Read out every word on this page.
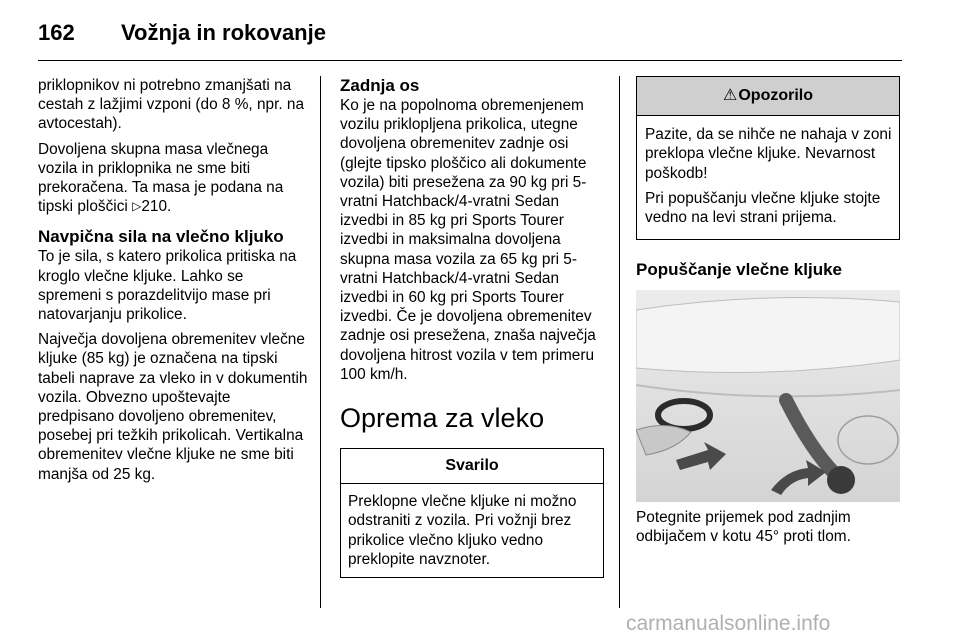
162 Vožnja in rokovanje

priklopnikov ni potrebno zmanjšati na cestah z lažjimi vzponi (do 8 %, npr. na avtocestah).

Dovoljena skupna masa vlečnega vozila in priklopnika ne sme biti prekoračena. Ta masa je podana na tipski ploščici ▷210.

Navpična sila na vlečno kljuko

To je sila, s katero prikolica pritiska na kroglo vlečne kljuke. Lahko se spremeni s porazdelitvijo mase pri natovarjanju prikolice.

Največja dovoljena obremenitev vlečne kljuke (85 kg) je označena na tipski tabeli naprave za vleko in v dokumentih vozila. Obvezno upoštevajte predpisano dovoljeno obremenitev, posebej pri težkih prikolicah. Vertikalna obremenitev vlečne kljuke ne sme biti manjša od 25 kg.

Zadnja os

Ko je na popolnoma obremenjenem vozilu priklopljena prikolica, utegne dovoljena obremenitev zadnje osi (glejte tipsko ploščico ali dokumente vozila) biti presežena za 90 kg pri 5-vratni Hatchback/4-vratni Sedan izvedbi in 85 kg pri Sports Tourer izvedbi in maksimalna dovoljena skupna masa vozila za 65 kg pri 5-vratni Hatchback/4-vratni Sedan izvedbi in 60 kg pri Sports Tourer izvedbi. Če je dovoljena obremenitev zadnje osi presežena, znaša največja dovoljena hitrost vozila v tem primeru 100 km/h.

Oprema za vleko
Svarilo

Preklopne vlečne kljuke ni možno odstraniti z vozila. Pri vožnji brez prikolice vlečno kljuko vedno preklopite navznoter.

⚠Opozorilo

Pazite, da se nihče ne nahaja v zoni preklopa vlečne kljuke. Nevarnost poškodb!

Pri popuščanju vlečne kljuke stojte vedno na levi strani prijema.

Popuščanje vlečne kljuke

Potegnite prijemek pod zadnjim odbijačem v kotu 45° proti tlom.

carmanualsonline.info
